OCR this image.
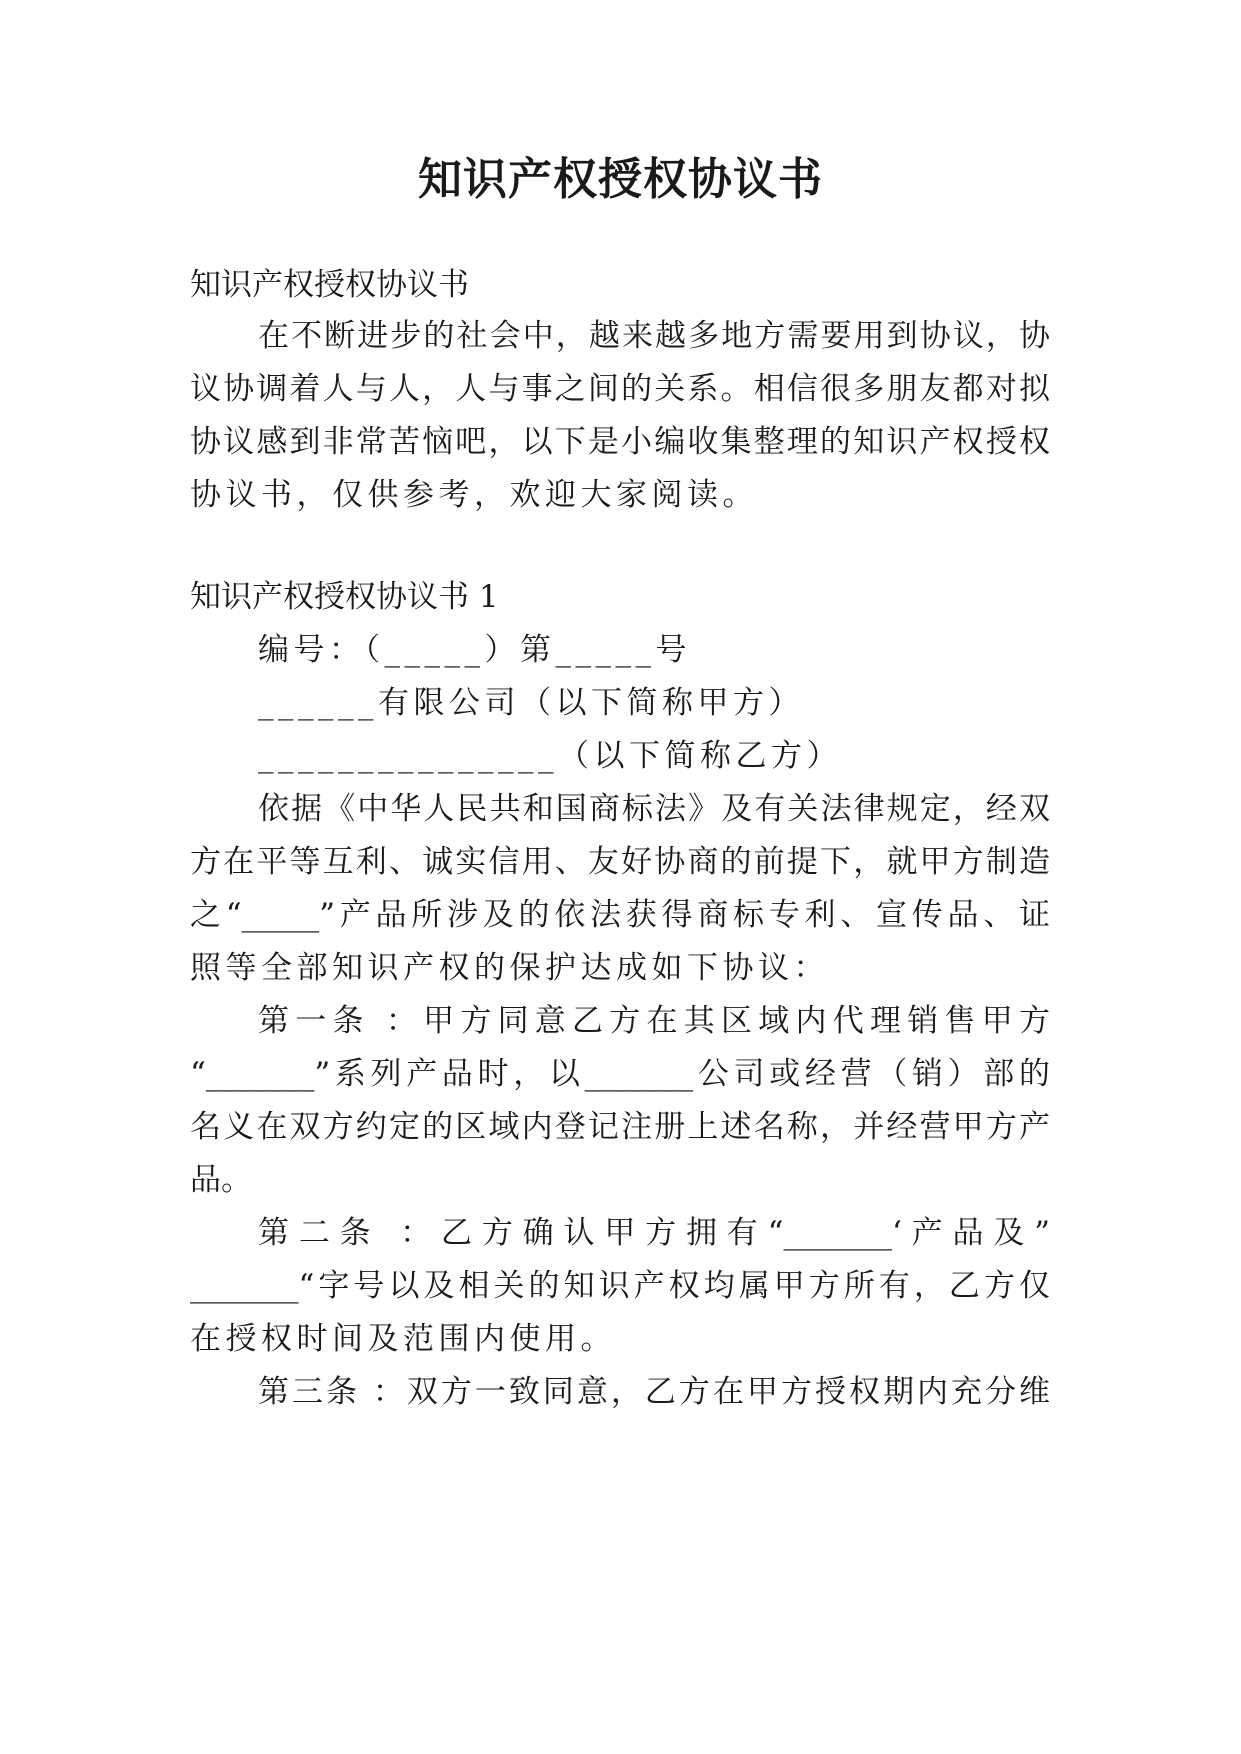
知识产权授权协议书
知识产权授权协议书
在不断进步的社会中，越来越多地方需要用到协议，协
议协调着人与人，人与事之间的关系。相信很多朋友都对拟
协议感到非常苦恼吧，以下是小编收集整理的知识产权授权
协议书，仅供参考，欢迎大家阅读。
知识产权授权协议书 1
编号：（_____）第_____号
______有限公司（以下简称甲方）
_______________（以下简称乙方）
依据《中华人民共和国商标法》及有关法律规定，经双
方在平等互利、诚实信用、友好协商的前提下，就甲方制造
之“_____”产品所涉及的依法获得商标专利、宣传品、证
照等全部知识产权的保护达成如下协议：
第一条 ：甲方同意乙方在其区域内代理销售甲方
“_______”系列产品时，以_______公司或经营（销）部的
名义在双方约定的区域内登记注册上述名称，并经营甲方产
品。
第二条 ：乙方确认甲方拥有“_______‘产品及”
_______“字号以及相关的知识产权均属甲方所有，乙方仅
在授权时间及范围内使用。
第三条 ：双方一致同意，乙方在甲方授权期内充分维
